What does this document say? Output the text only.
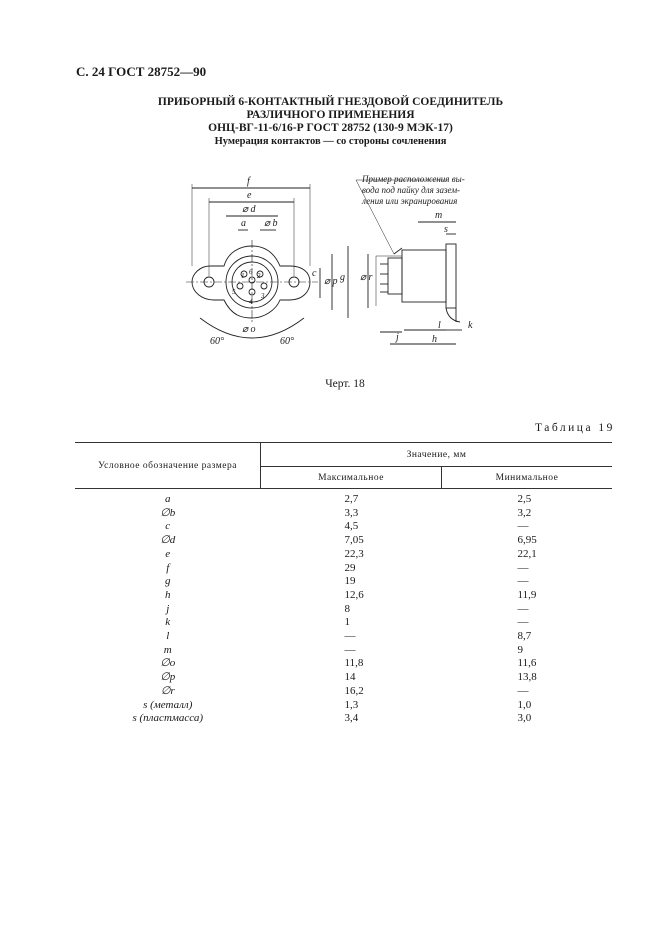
С. 24 ГОСТ 28752—90
ПРИБОРНЫЙ 6-КОНТАКТНЫЙ ГНЕЗДОВОЙ СОЕДИНИТЕЛЬ
РАЗЛИЧНОГО ПРИМЕНЕНИЯ
ОНЦ-ВГ-11-6/16-Р ГОСТ 28752 (130-9 МЭК-17)
Нумерация контактов — со стороны сочленения
f
e
⌀ d
a ⌀ b
c
⌀ p g
⌀ o
60°	60°
1 2
3
4
5
6
Пример расположения вы-
вода под пайку для зазем-
ления или экранирования
m
s
⌀ r
l	k
j	h
Черт. 18
Таблица 19
Условное обозначение размера	Значение, мм	
	Максимальное	Минимальное
a	2,7	2,5
∅b	3,3	3,2
c	4,5	—
∅d	7,05	6,95
e	22,3	22,1
f	29	—
g	19	—
h	12,6	11,9
j	8	—
k	1	—
l	—	8,7
m	—	9
∅o	11,8	11,6
∅p	14	13,8
∅r	16,2	—
s (металл)	1,3	1,0
s (пластмасса)	3,4	3,0
